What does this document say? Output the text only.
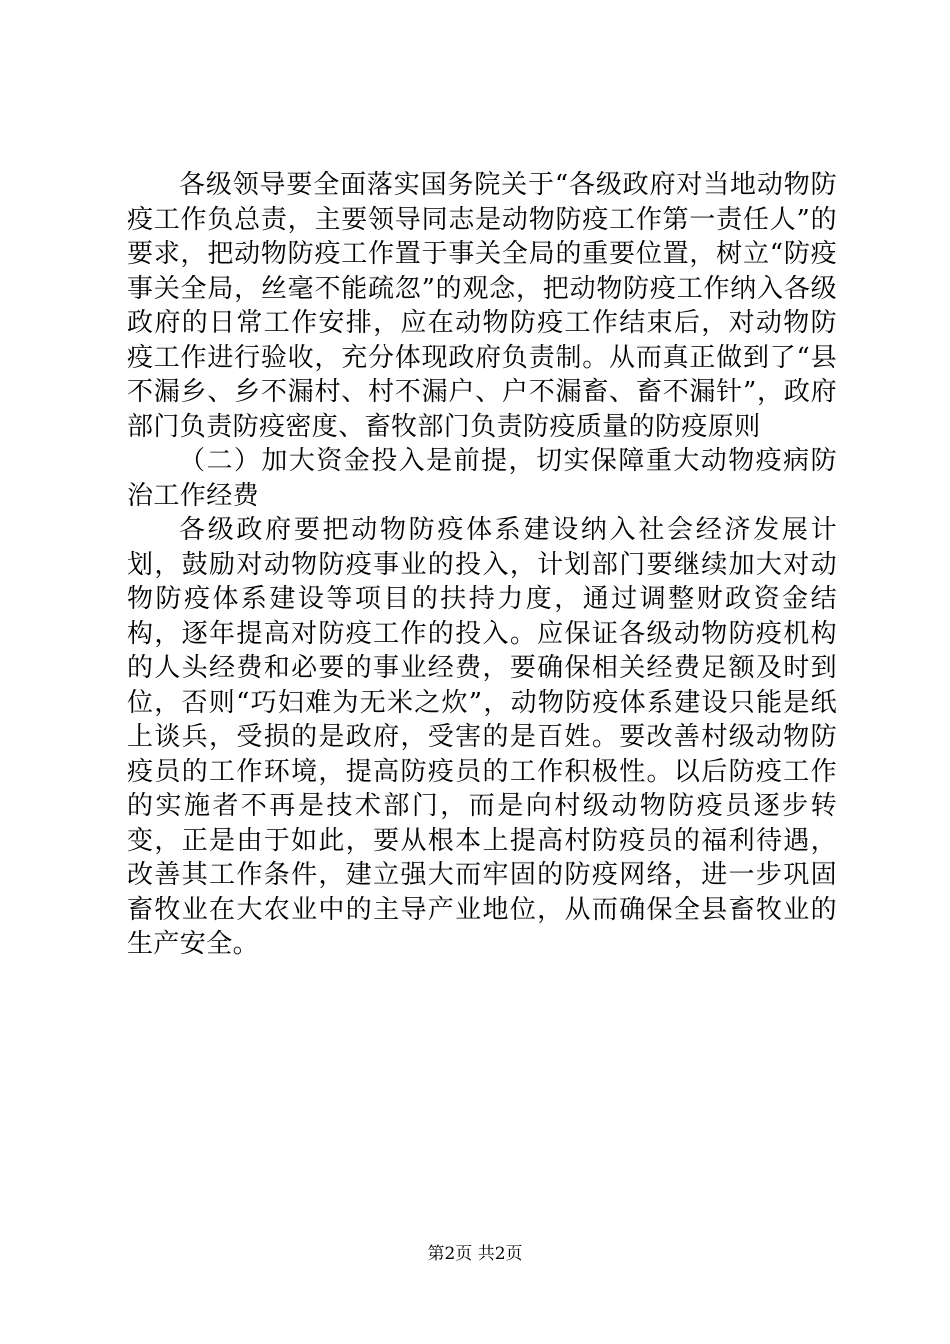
各级领导要全面落实国务院关于“各级政府对当地动物防疫工作负总责，主要领导同志是动物防疫工作第一责任人”的要求，把动物防疫工作置于事关全局的重要位置，树立“防疫事关全局，丝毫不能疏忽”的观念，把动物防疫工作纳入各级政府的日常工作安排，应在动物防疫工作结束后，对动物防疫工作进行验收，充分体现政府负责制。从而真正做到了“县不漏乡、乡不漏村、村不漏户、户不漏畜、畜不漏针”，政府部门负责防疫密度、畜牧部门负责防疫质量的防疫原则

（二）加大资金投入是前提，切实保障重大动物疫病防治工作经费

各级政府要把动物防疫体系建设纳入社会经济发展计划，鼓励对动物防疫事业的投入，计划部门要继续加大对动物防疫体系建设等项目的扶持力度，通过调整财政资金结构，逐年提高对防疫工作的投入。应保证各级动物防疫机构的人头经费和必要的事业经费，要确保相关经费足额及时到位，否则“巧妇难为无米之炊”，动物防疫体系建设只能是纸上谈兵，受损的是政府，受害的是百姓。要改善村级动物防疫员的工作环境，提高防疫员的工作积极性。以后防疫工作的实施者不再是技术部门，而是向村级动物防疫员逐步转变，正是由于如此，要从根本上提高村防疫员的福利待遇，改善其工作条件，建立强大而牢固的防疫网络，进一步巩固畜牧业在大农业中的主导产业地位，从而确保全县畜牧业的生产安全。

第2页 共2页
